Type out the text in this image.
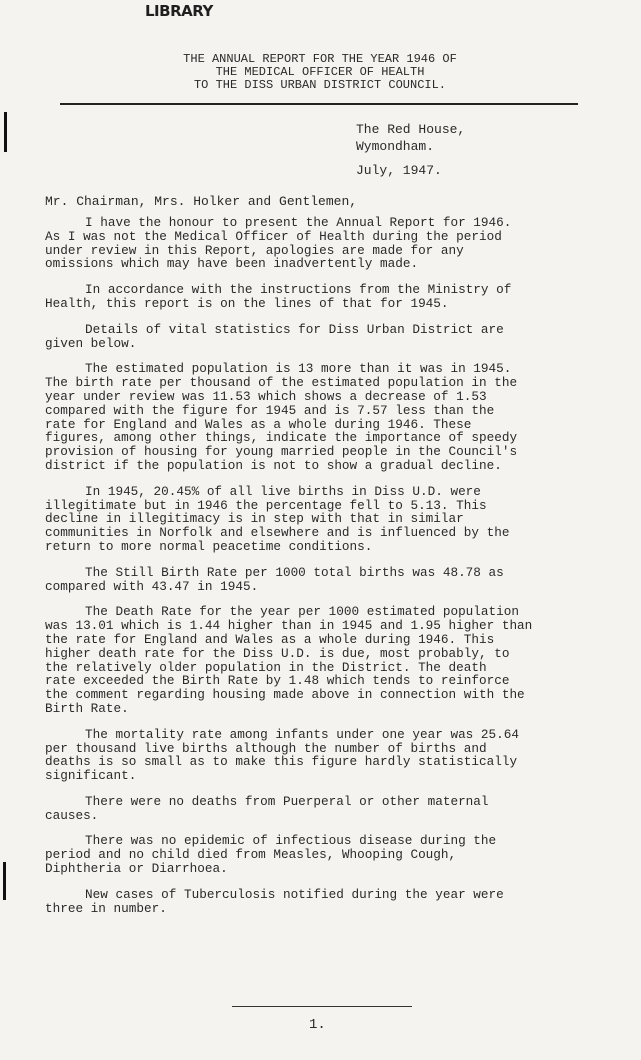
LIBRARY
THE ANNUAL REPORT FOR THE YEAR 1946 OF
THE MEDICAL OFFICER OF HEALTH
TO THE DISS URBAN DISTRICT COUNCIL.
The Red House,
Wymondham.
July, 1947.
Mr. Chairman, Mrs. Holker and Gentlemen,

I have the honour to present the Annual Report for 1946.
As I was not the Medical Officer of Health during the period
under review in this Report, apologies are made for any
omissions which may have been inadvertently made.

In accordance with the instructions from the Ministry of
Health, this report is on the lines of that for 1945.

Details of vital statistics for Diss Urban District are
given below.

The estimated population is 13 more than it was in 1945.
The birth rate per thousand of the estimated population in the
year under review was 11.53 which shows a decrease of 1.53
compared with the figure for 1945 and is 7.57 less than the
rate for England and Wales as a whole during 1946. These
figures, among other things, indicate the importance of speedy
provision of housing for young married people in the Council's
district if the population is not to show a gradual decline.

In 1945, 20.45% of all live births in Diss U.D. were
illegitimate but in 1946 the percentage fell to 5.13. This
decline in illegitimacy is in step with that in similar
communities in Norfolk and elsewhere and is influenced by the
return to more normal peacetime conditions.

The Still Birth Rate per 1000 total births was 48.78 as
compared with 43.47 in 1945.

The Death Rate for the year per 1000 estimated population
was 13.01 which is 1.44 higher than in 1945 and 1.95 higher than
the rate for England and Wales as a whole during 1946. This
higher death rate for the Diss U.D. is due, most probably, to
the relatively older population in the District. The death
rate exceeded the Birth Rate by 1.48 which tends to reinforce
the comment regarding housing made above in connection with the
Birth Rate.

The mortality rate among infants under one year was 25.64
per thousand live births although the number of births and
deaths is so small as to make this figure hardly statistically
significant.

There were no deaths from Puerperal or other maternal
causes.

There was no epidemic of infectious disease during the
period and no child died from Measles, Whooping Cough,
Diphtheria or Diarrhoea.

New cases of Tuberculosis notified during the year were
three in number.

1.
